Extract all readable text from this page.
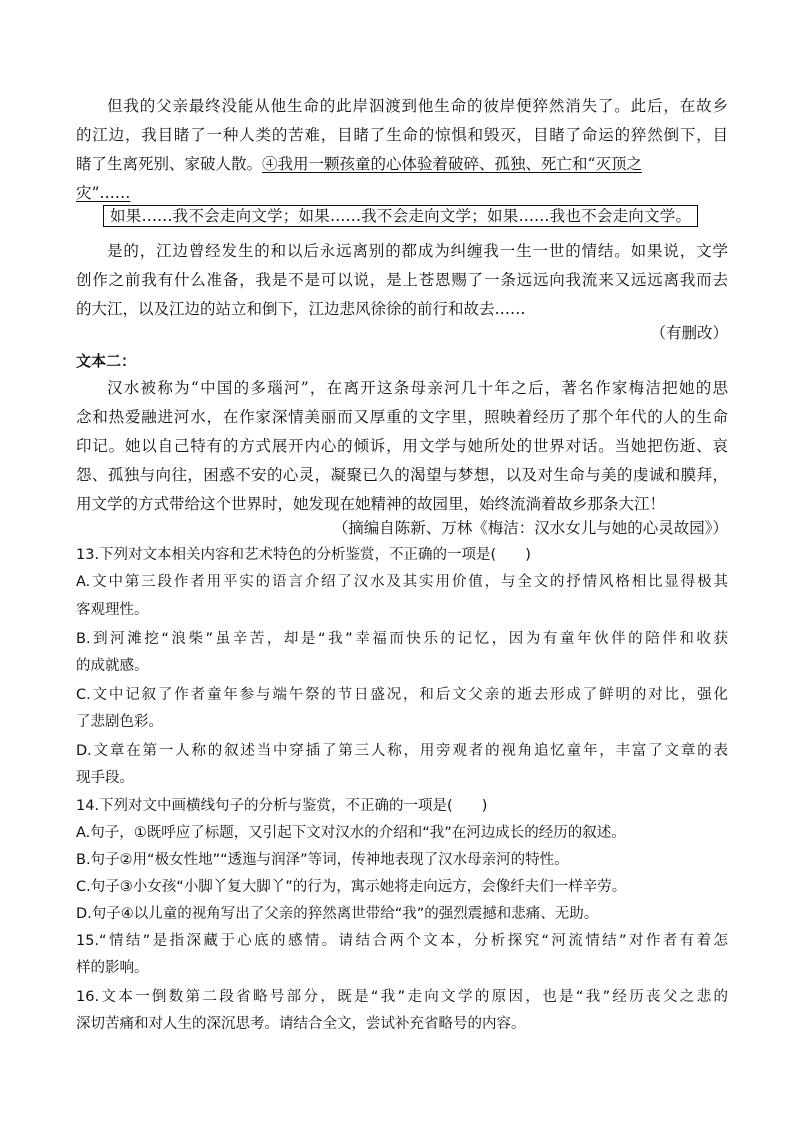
但我的父亲最终没能从他生命的此岸泅渡到他生命的彼岸便猝然消失了。此后，在故乡
的江边，我目睹了一种人类的苦难，目睹了生命的惊惧和毁灭，目睹了命运的猝然倒下，目
睹了生离死别、家破人散。④我用一颗孩童的心体验着破碎、孤独、死亡和“灭顶之
灾”……
如果……我不会走向文学；如果……我不会走向文学；如果……我也不会走向文学。
是的，江边曾经发生的和以后永远离别的都成为纠缠我一生一世的情结。如果说，文学
创作之前我有什么准备，我是不是可以说，是上苍恩赐了一条远远向我流来又远远离我而去
的大江，以及江边的站立和倒下，江边悲风徐徐的前行和故去……
（有删改）
文本二：
汉水被称为“中国的多瑙河”，在离开这条母亲河几十年之后，著名作家梅洁把她的思
念和热爱融进河水，在作家深情美丽而又厚重的文字里，照映着经历了那个年代的人的生命
印记。她以自己特有的方式展开内心的倾诉，用文学与她所处的世界对话。当她把伤逝、哀
怨、孤独与向往，困惑不安的心灵，凝聚已久的渴望与梦想，以及对生命与美的虔诚和膜拜，
用文学的方式带给这个世界时，她发现在她精神的故园里，始终流淌着故乡那条大江！
（摘编自陈新、万林《梅洁：汉水女儿与她的心灵故园》）
13.下列对文本相关内容和艺术特色的分析鉴赏，不正确的一项是(　　)
A.文中第三段作者用平实的语言介绍了汉水及其实用价值，与全文的抒情风格相比显得极其
客观理性。
B.到河滩挖“浪柴”虽辛苦，却是“我”幸福而快乐的记忆，因为有童年伙伴的陪伴和收获
的成就感。
C.文中记叙了作者童年参与端午祭的节日盛况，和后文父亲的逝去形成了鲜明的对比，强化
了悲剧色彩。
D.文章在第一人称的叙述当中穿插了第三人称，用旁观者的视角追忆童年，丰富了文章的表
现手段。
14.下列对文中画横线句子的分析与鉴赏，不正确的一项是(　　)
A.句子，①既呼应了标题，又引起下文对汉水的介绍和“我”在河边成长的经历的叙述。
B.句子②用“极女性地”“透迤与润泽”等词，传神地表现了汉水母亲河的特性。
C.句子③小女孩“小脚丫复大脚丫”的行为，寓示她将走向远方，会像纤夫们一样辛劳。
D.句子④以儿童的视角写出了父亲的猝然离世带给“我”的强烈震撼和悲痛、无助。
15.“情结”是指深藏于心底的感情。请结合两个文本，分析探究“河流情结”对作者有着怎
样的影响。
16.文本一倒数第二段省略号部分，既是“我”走向文学的原因，也是“我”经历丧父之悲的
深切苦痛和对人生的深沉思考。请结合全文，尝试补充省略号的内容。
